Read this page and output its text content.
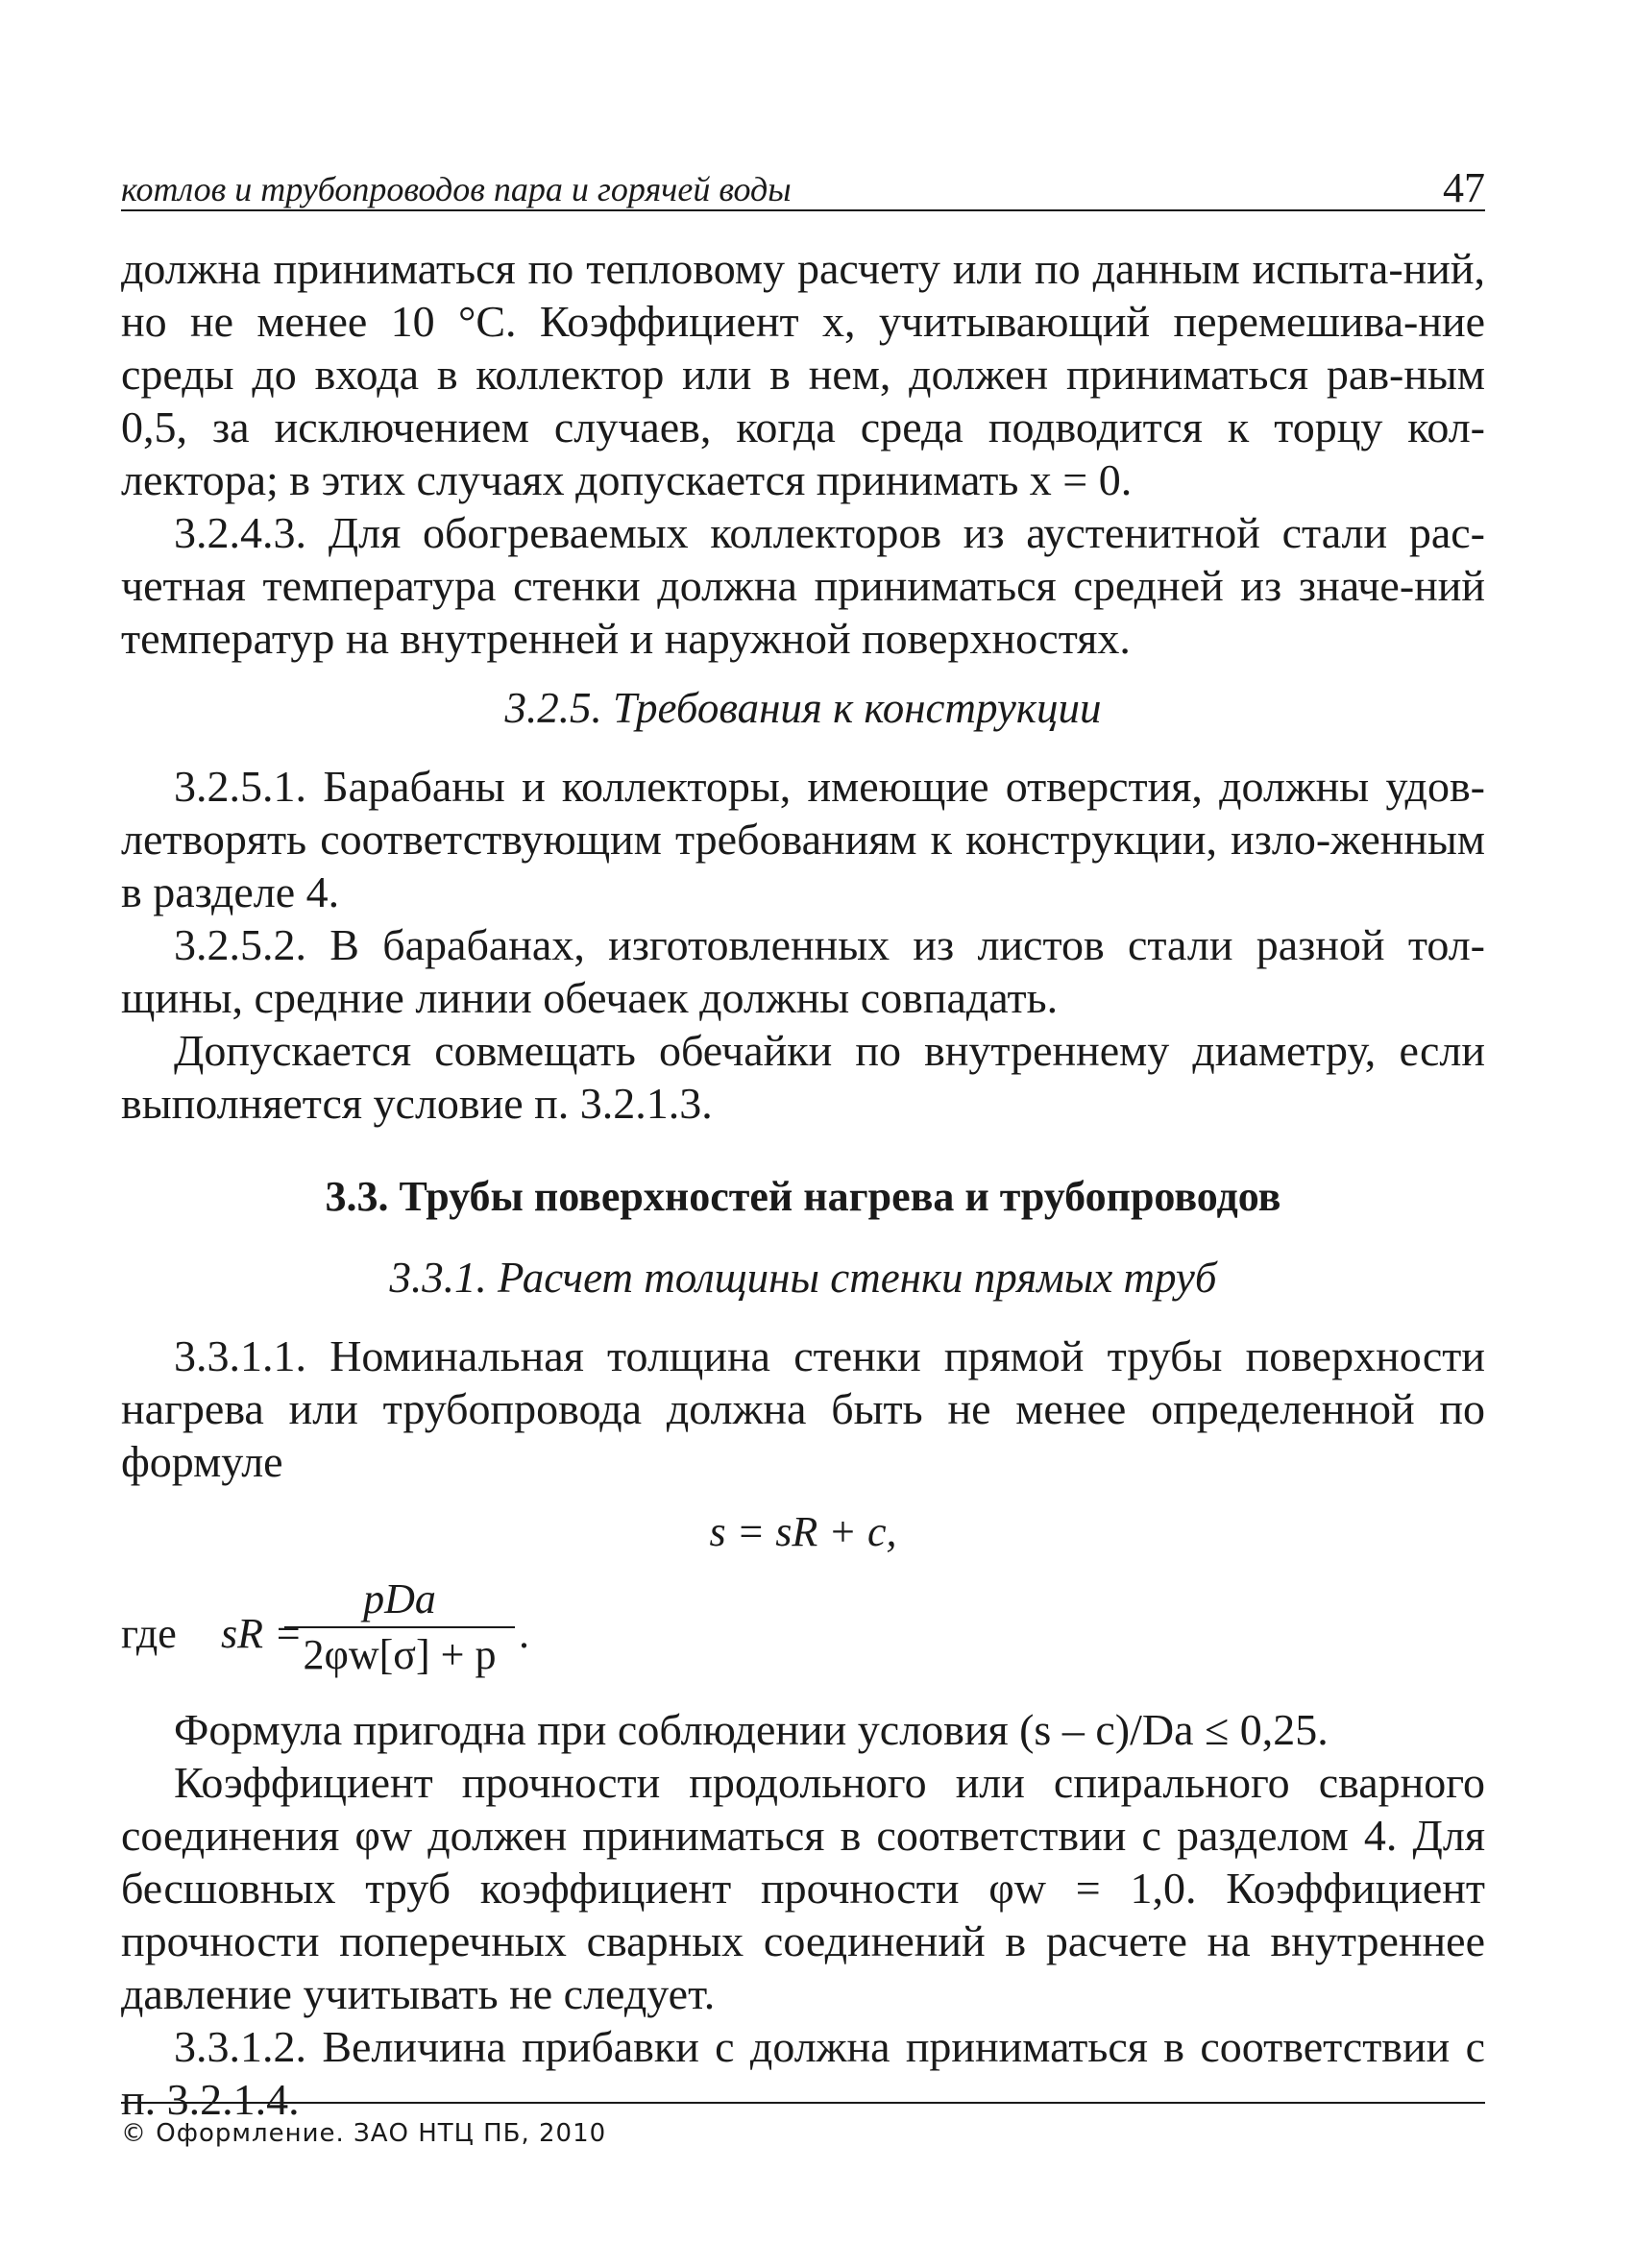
котлов и трубопроводов пара и горячей воды	47

должна приниматься по тепловому расчету или по данным испыта-ний, но не менее 10 °С. Коэффициент x, учитывающий перемешива-ние среды до входа в коллектор или в нем, должен приниматься рав-ным 0,5, за исключением случаев, когда среда подводится к торцу кол-лектора; в этих случаях допускается принимать x = 0.

3.2.4.3. Для обогреваемых коллекторов из аустенитной стали рас-четная температура стенки должна приниматься средней из значе-ний температур на внутренней и наружной поверхностях.

3.2.5. Требования к конструкции

3.2.5.1. Барабаны и коллекторы, имеющие отверстия, должны удов-летворять соответствующим требованиям к конструкции, изло-женным в разделе 4.

3.2.5.2. В барабанах, изготовленных из листов стали разной тол-щины, средние линии обечаек должны совпадать.

Допускается совмещать обечайки по внутреннему диаметру, если выполняется условие п. 3.2.1.3.

3.3. Трубы поверхностей нагрева и трубопроводов
3.3.1. Расчет толщины стенки прямых труб

3.3.1.1. Номинальная толщина стенки прямой трубы поверхности нагрева или трубопровода должна быть не менее определенной по формуле

s = sR + c,
где sR =
pDa
2φw[σ] + p .

Формула пригодна при соблюдении условия (s – c)/Da ≤ 0,25.

Коэффициент прочности продольного или спирального сварного соединения φw должен приниматься в соответствии с разделом 4. Для бесшовных труб коэффициент прочности φw = 1,0. Коэффициент прочности поперечных сварных соединений в расчете на внутреннее давление учитывать не следует.

3.3.1.2. Величина прибавки c должна приниматься в соответствии с п. 3.2.1.4.

© Оформление. ЗАО НТЦ ПБ, 2010
